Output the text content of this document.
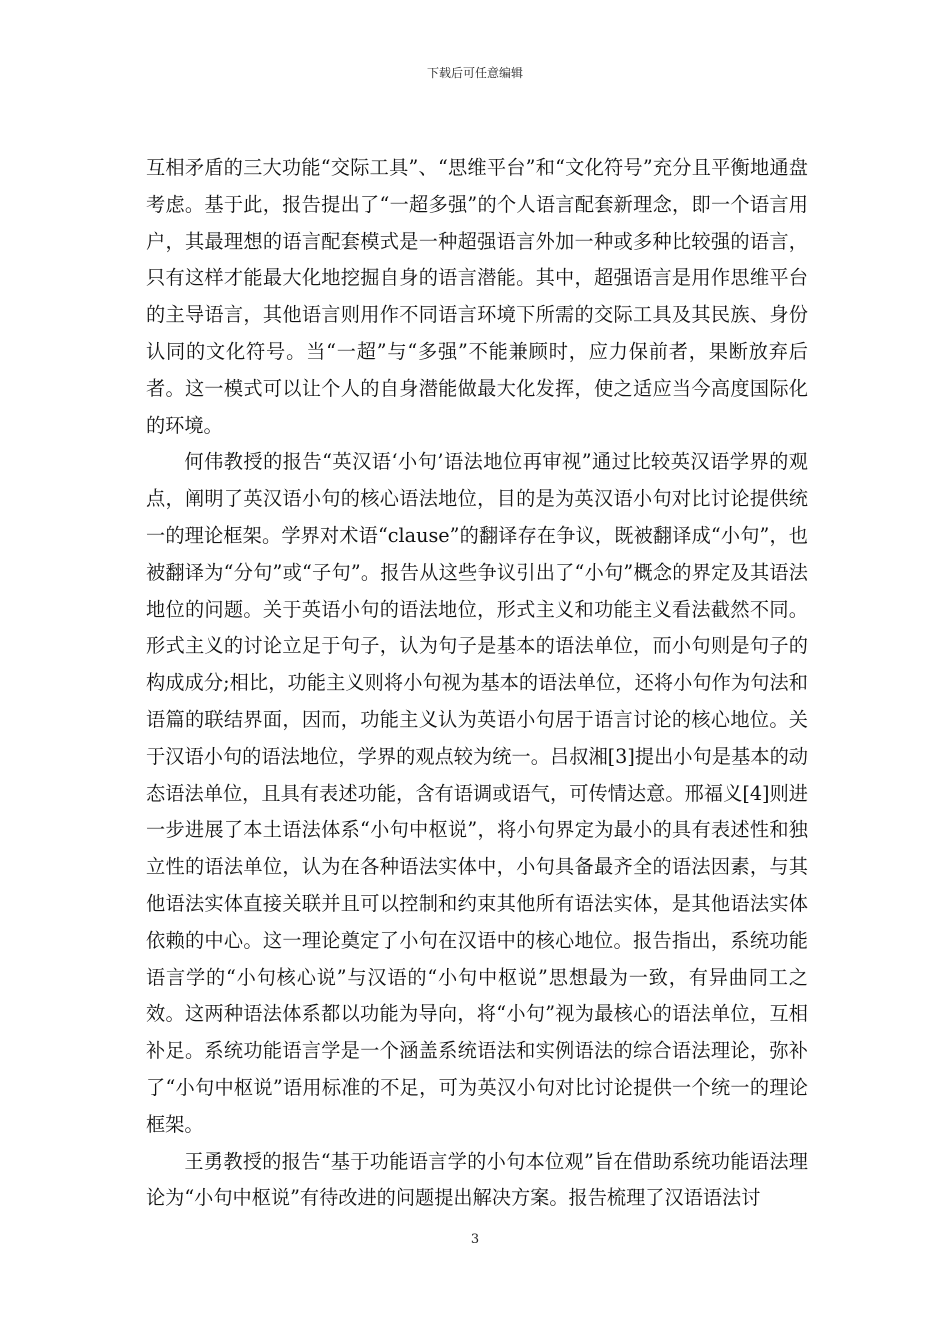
下载后可任意编辑

互相矛盾的三大功能“交际工具”、“思维平台”和“文化符号”充分且平衡地通盘考虑。基于此，报告提出了“一超多强”的个人语言配套新理念，即一个语言用户，其最理想的语言配套模式是一种超强语言外加一种或多种比较强的语言，只有这样才能最大化地挖掘自身的语言潜能。其中，超强语言是用作思维平台的主导语言，其他语言则用作不同语言环境下所需的交际工具及其民族、身份认同的文化符号。当“一超”与“多强”不能兼顾时，应力保前者，果断放弃后者。这一模式可以让个人的自身潜能做最大化发挥，使之适应当今高度国际化的环境。

何伟教授的报告“英汉语‘小句’语法地位再审视”通过比较英汉语学界的观点，阐明了英汉语小句的核心语法地位，目的是为英汉语小句对比讨论提供统一的理论框架。学界对术语“clause”的翻译存在争议，既被翻译成“小句”，也被翻译为“分句”或“子句”。报告从这些争议引出了“小句”概念的界定及其语法地位的问题。关于英语小句的语法地位，形式主义和功能主义看法截然不同。形式主义的讨论立足于句子，认为句子是基本的语法单位，而小句则是句子的构成成分;相比，功能主义则将小句视为基本的语法单位，还将小句作为句法和语篇的联结界面，因而，功能主义认为英语小句居于语言讨论的核心地位。关于汉语小句的语法地位，学界的观点较为统一。吕叔湘[3]提出小句是基本的动态语法单位，且具有表述功能，含有语调或语气，可传情达意。邢福义[4]则进一步进展了本土语法体系“小句中枢说”，将小句界定为最小的具有表述性和独立性的语法单位，认为在各种语法实体中，小句具备最齐全的语法因素，与其他语法实体直接关联并且可以控制和约束其他所有语法实体，是其他语法实体依赖的中心。这一理论奠定了小句在汉语中的核心地位。报告指出，系统功能语言学的“小句核心说”与汉语的“小句中枢说”思想最为一致，有异曲同工之效。这两种语法体系都以功能为导向，将“小句”视为最核心的语法单位，互相补足。系统功能语言学是一个涵盖系统语法和实例语法的综合语法理论，弥补了“小句中枢说”语用标准的不足，可为英汉小句对比讨论提供一个统一的理论框架。

王勇教授的报告“基于功能语言学的小句本位观”旨在借助系统功能语法理论为“小句中枢说”有待改进的问题提出解决方案。报告梳理了汉语语法讨

3
